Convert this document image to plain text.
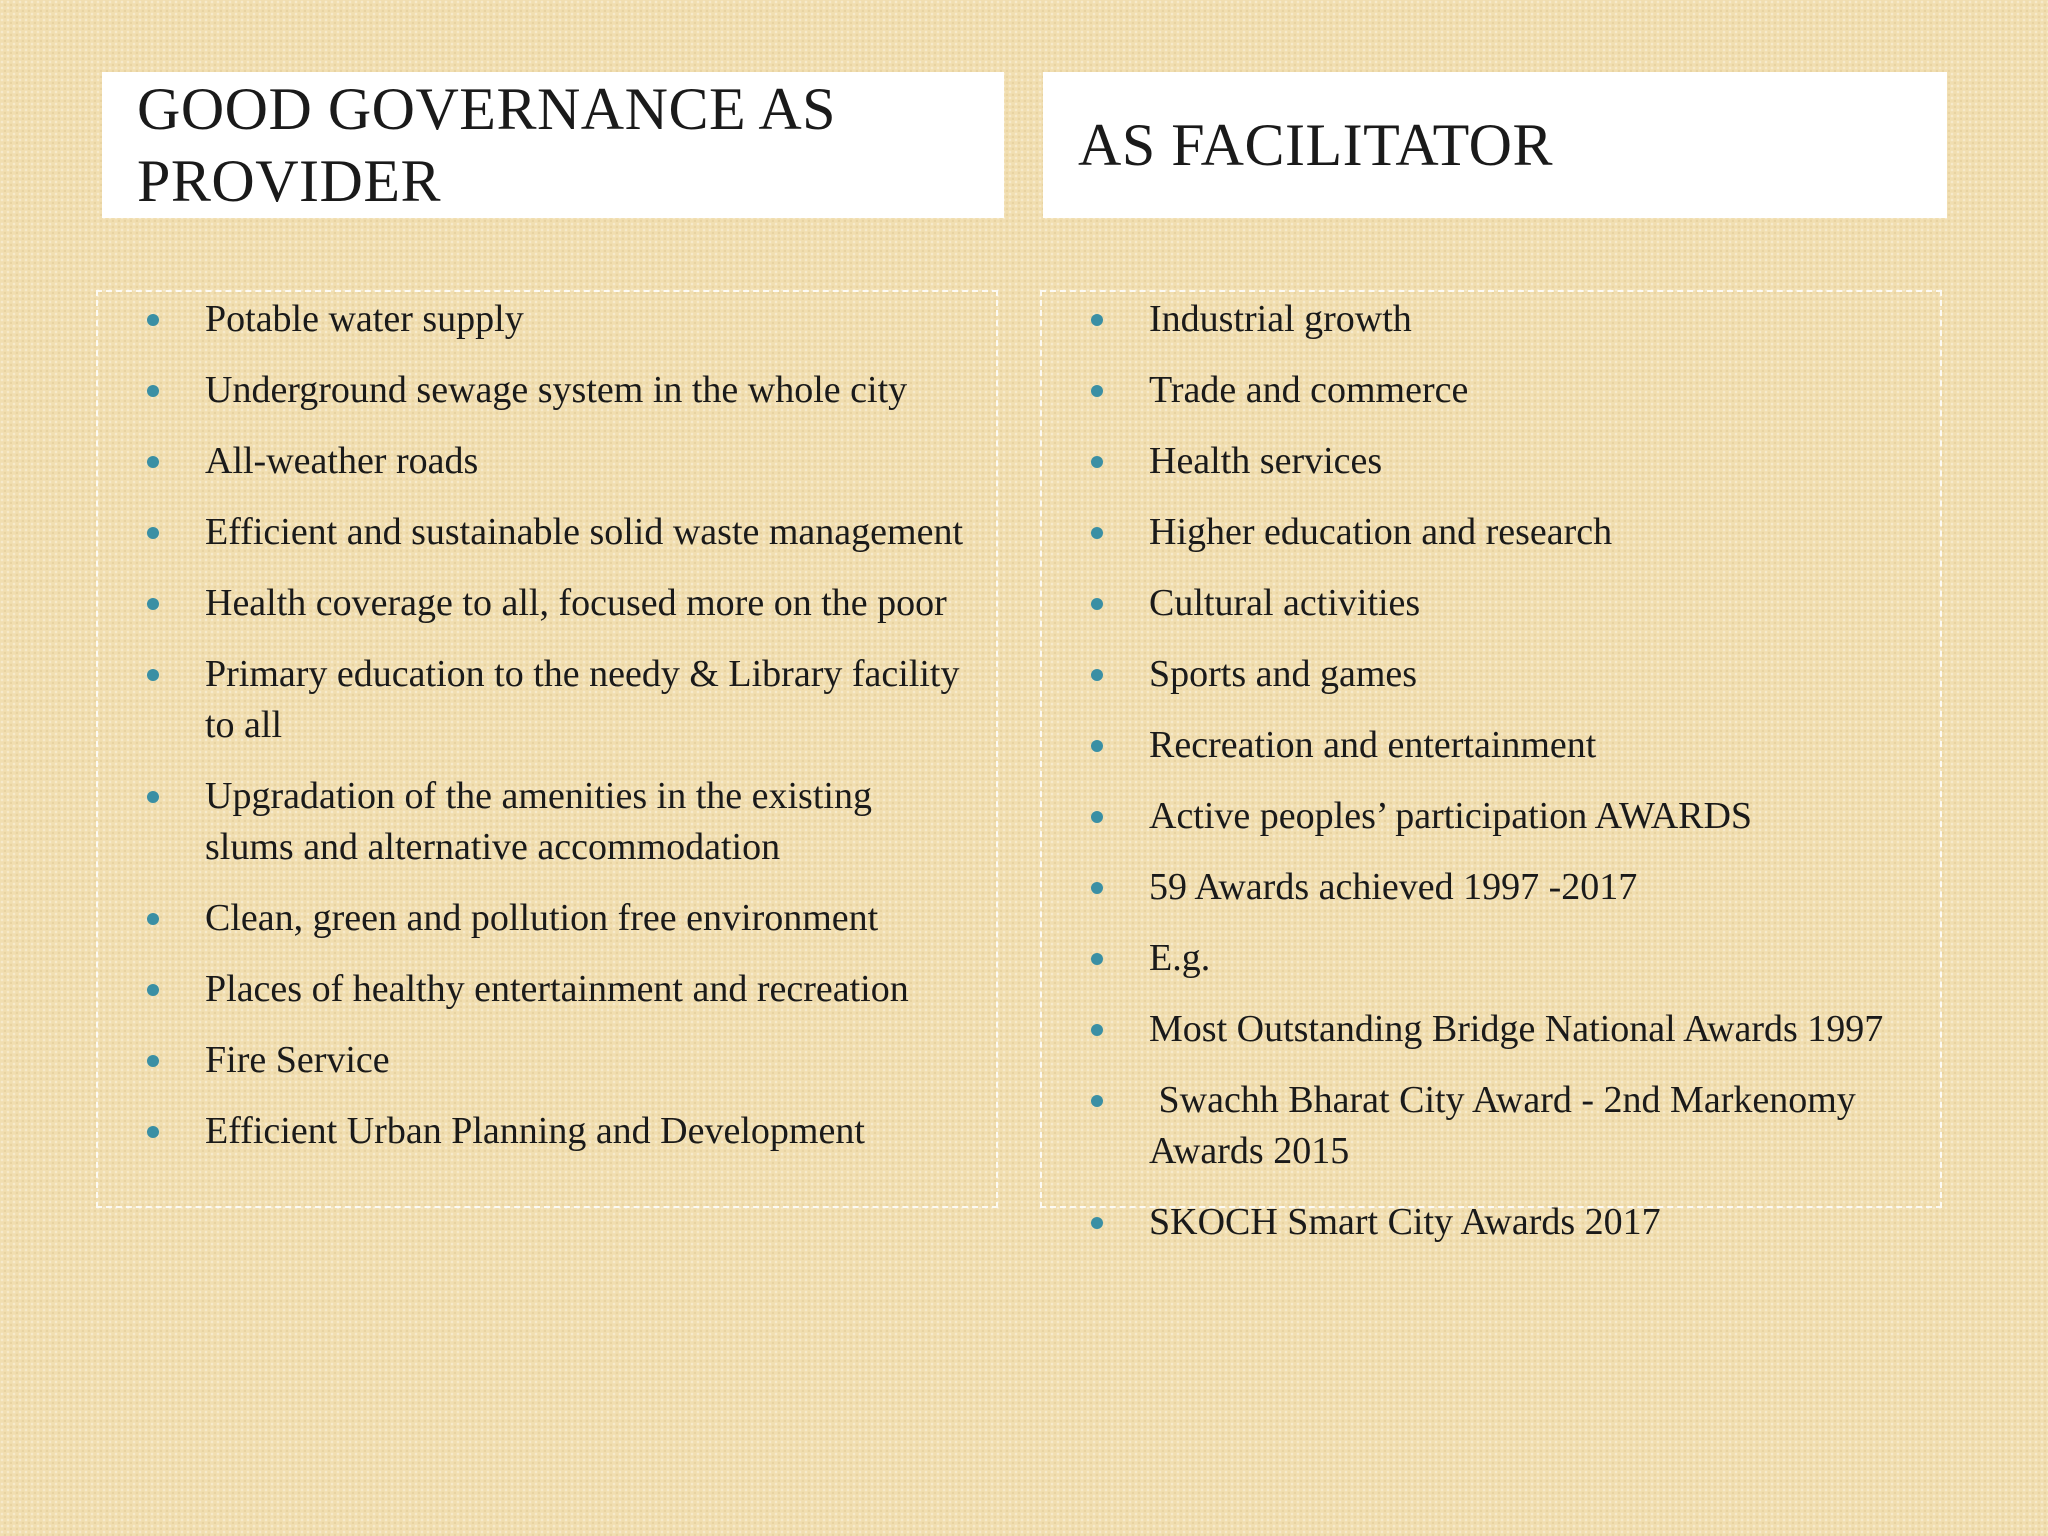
GOOD GOVERNANCE AS PROVIDER
AS FACILITATOR
Potable water supply
Underground sewage system in the whole city
All-weather roads
Efficient and sustainable solid waste management
Health coverage to all, focused more on the poor
Primary education to the needy & Library facility to all
Upgradation of the amenities in the existing slums and alternative accommodation
Clean, green and pollution free environment
Places of healthy entertainment and recreation
Fire Service
Efficient Urban Planning and Development
Industrial growth
Trade and commerce
Health services
Higher education and research
Cultural activities
Sports and games
Recreation and entertainment
Active peoples’ participation AWARDS
59 Awards achieved 1997 -2017
E.g.
Most Outstanding Bridge National Awards 1997
Swachh Bharat City Award - 2nd Markenomy Awards 2015
SKOCH Smart City Awards 2017
